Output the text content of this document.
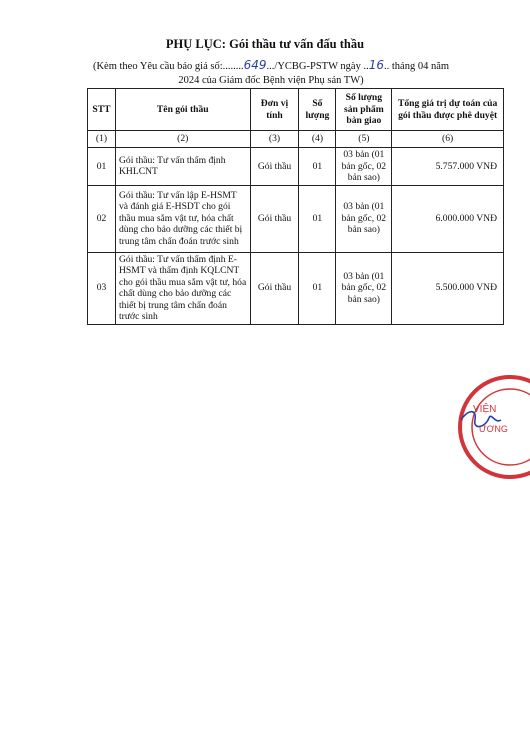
PHỤ LỤC: Gói thầu tư vấn đấu thầu
(Kèm theo Yêu cầu báo giá số:........649.../YCBG-PSTW ngày ..16.. tháng 04 năm 2024 của Giám đốc Bệnh viện Phụ sản TW)
STT	Tên gói thầu	Đơn vị tính	Số lượng	Số lượng sản phẩm bàn giao	Tổng giá trị dự toán của gói thầu được phê duyệt
(1)	(2)	(3)	(4)	(5)	(6)
01	Gói thầu: Tư vấn thẩm định KHLCNT	Gói thầu	01	03 bản (01 bản gốc, 02 bản sao)	5.757.000 VNĐ
02	Gói thầu: Tư vấn lập E-HSMT và đánh giá E-HSDT cho gói thầu mua sắm vật tư, hóa chất dùng cho bảo dưỡng các thiết bị trung tâm chẩn đoán trước sinh	Gói thầu	01	03 bản (01 bản gốc, 02 bản sao)	6.000.000 VNĐ
03	Gói thầu: Tư vấn thẩm định E-HSMT và thẩm định KQLCNT cho gói thầu mua sắm vật tư, hóa chất dùng cho bảo dưỡng các thiết bị trung tâm chẩn đoán trước sinh	Gói thầu	01	03 bản (01 bản gốc, 02 bản sao)	5.500.000 VNĐ
VIỆN
ƯƠNG
